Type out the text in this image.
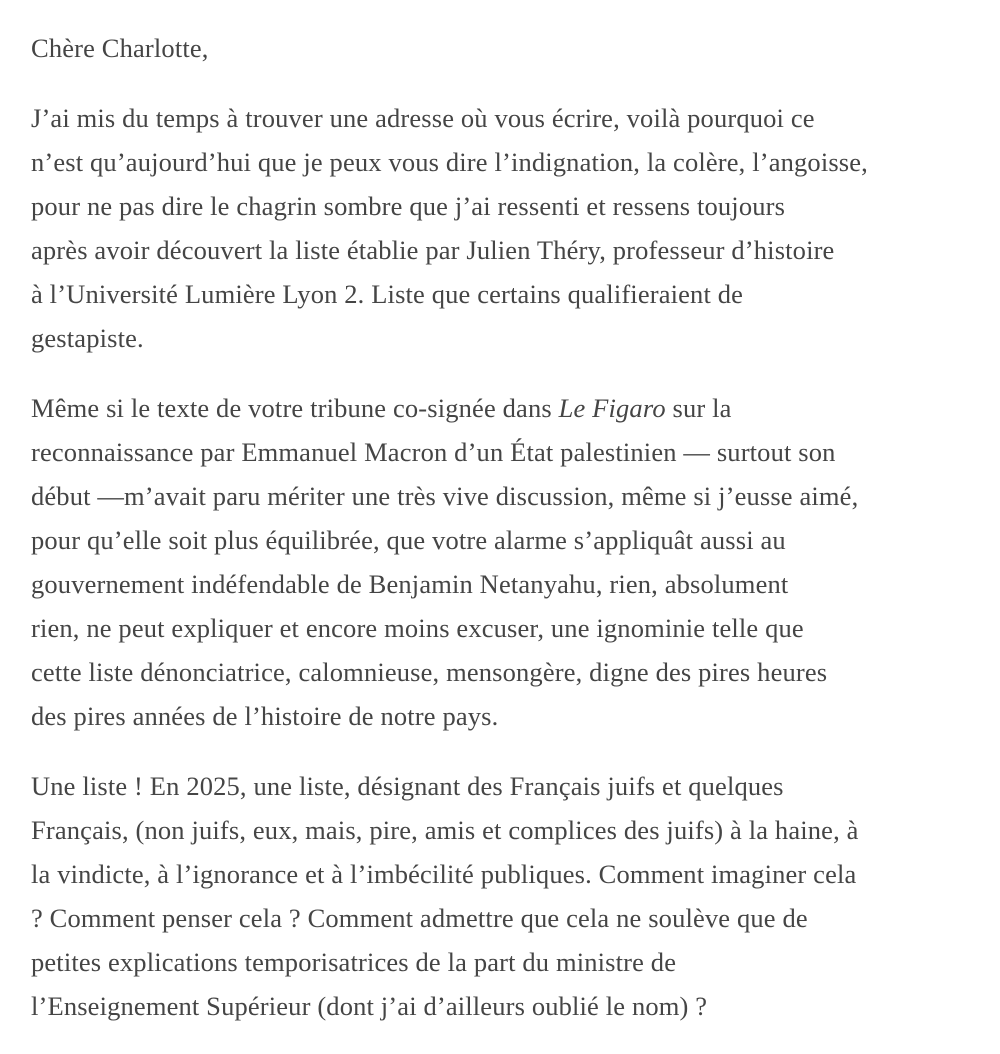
Chère Charlotte,

J’ai mis du temps à trouver une adresse où vous écrire, voilà pourquoi ce
n’est qu’aujourd’hui que je peux vous dire l’indignation, la colère, l’angoisse,
pour ne pas dire le chagrin sombre que j’ai ressenti et ressens toujours
après avoir découvert la liste établie par Julien Théry, professeur d’histoire
à l’Université Lumière Lyon 2. Liste que certains qualifieraient de
gestapiste.

Même si le texte de votre tribune co-signée dans Le Figaro sur la
reconnaissance par Emmanuel Macron d’un État palestinien — surtout son
début —m’avait paru mériter une très vive discussion, même si j’eusse aimé,
pour qu’elle soit plus équilibrée, que votre alarme s’appliquât aussi au
gouvernement indéfendable de Benjamin Netanyahu, rien, absolument
rien, ne peut expliquer et encore moins excuser, une ignominie telle que
cette liste dénonciatrice, calomnieuse, mensongère, digne des pires heures
des pires années de l’histoire de notre pays.

Une liste ! En 2025, une liste, désignant des Français juifs et quelques
Français, (non juifs, eux, mais, pire, amis et complices des juifs) à la haine, à
la vindicte, à l’ignorance et à l’imbécilité publiques. Comment imaginer cela
? Comment penser cela ? Comment admettre que cela ne soulève que de
petites explications temporisatrices de la part du ministre de
l’Enseignement Supérieur (dont j’ai d’ailleurs oublié le nom) ?
